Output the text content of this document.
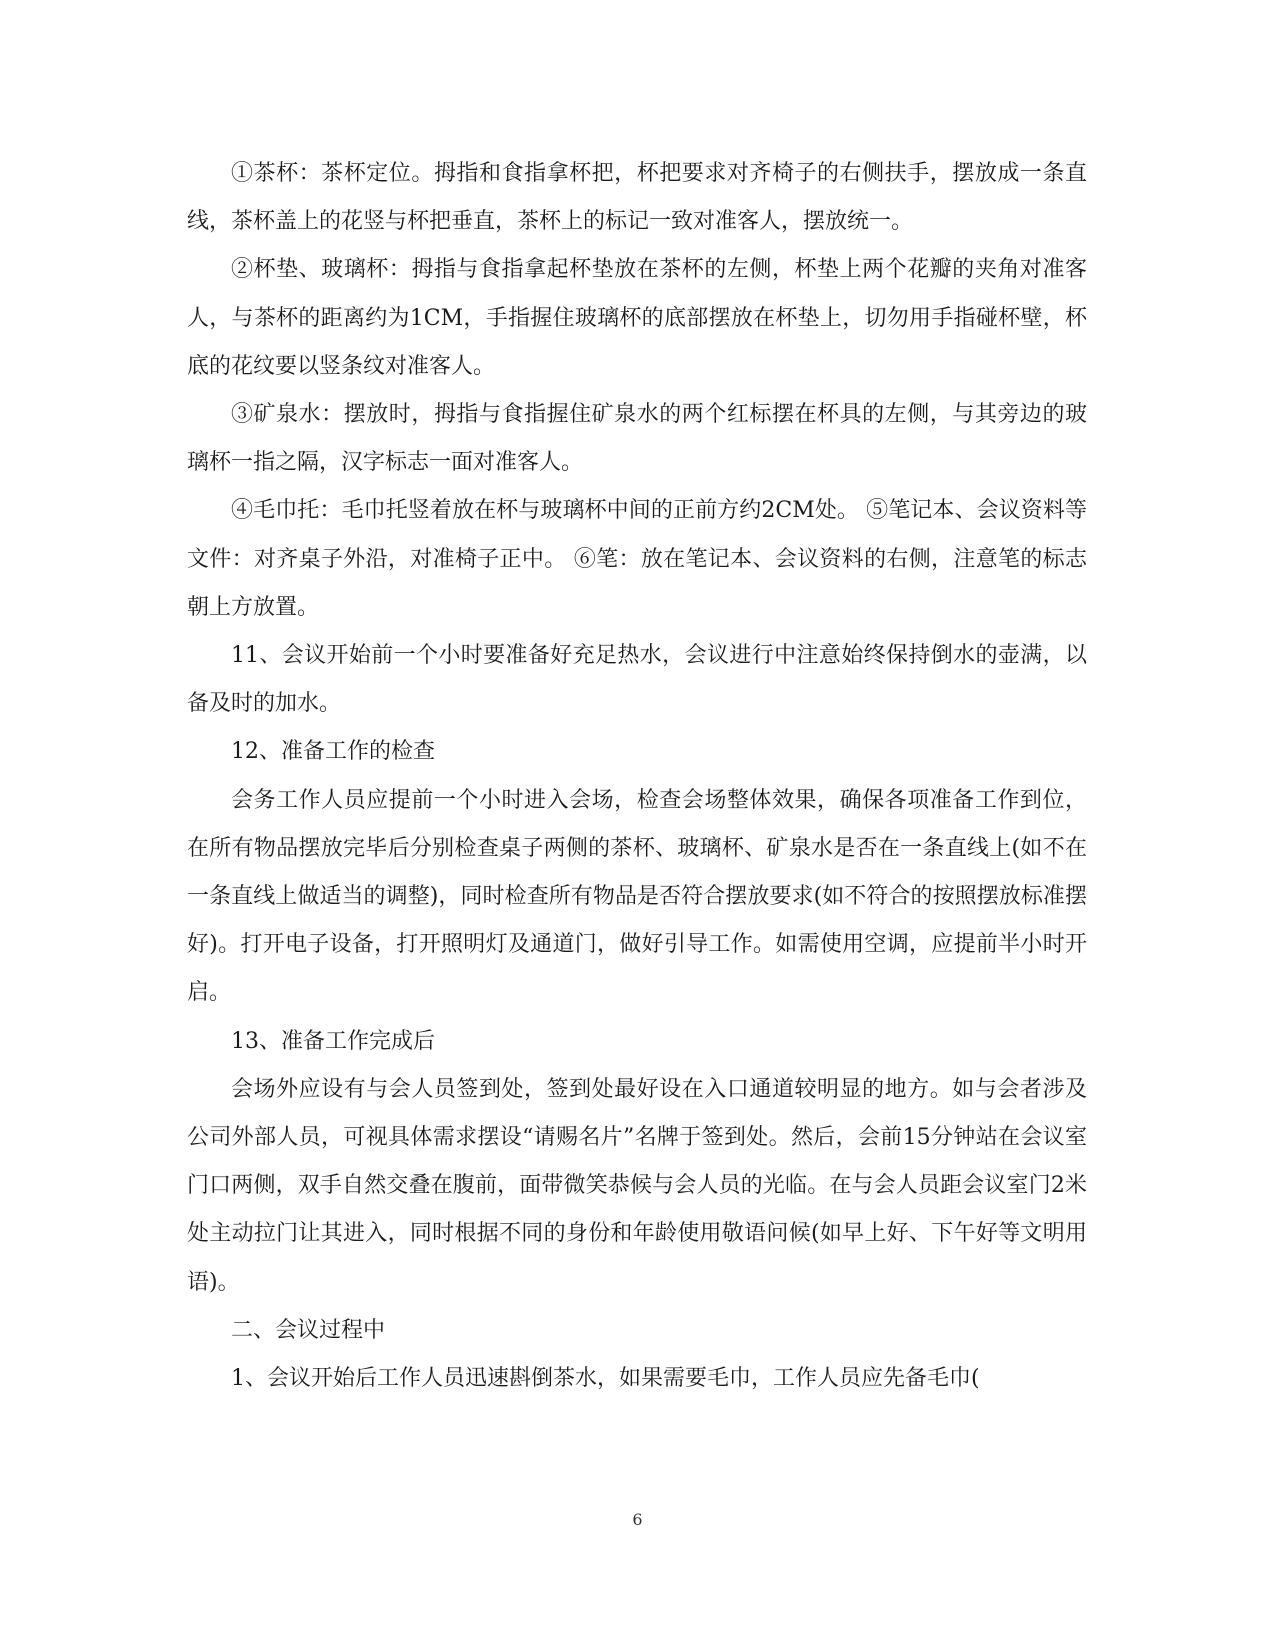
①茶杯：茶杯定位。拇指和食指拿杯把，杯把要求对齐椅子的右侧扶手，摆放成一条直线，茶杯盖上的花竖与杯把垂直，茶杯上的标记一致对准客人，摆放统一。

②杯垫、玻璃杯：拇指与食指拿起杯垫放在茶杯的左侧，杯垫上两个花瓣的夹角对准客人，与茶杯的距离约为1CM，手指握住玻璃杯的底部摆放在杯垫上，切勿用手指碰杯壁，杯底的花纹要以竖条纹对准客人。

③矿泉水：摆放时，拇指与食指握住矿泉水的两个红标摆在杯具的左侧，与其旁边的玻璃杯一指之隔，汉字标志一面对准客人。

④毛巾托：毛巾托竖着放在杯与玻璃杯中间的正前方约2CM处。 ⑤笔记本、会议资料等文件：对齐桌子外沿，对准椅子正中。 ⑥笔：放在笔记本、会议资料的右侧，注意笔的标志朝上方放置。

11、会议开始前一个小时要准备好充足热水，会议进行中注意始终保持倒水的壶满，以备及时的加水。

12、准备工作的检查

会务工作人员应提前一个小时进入会场，检查会场整体效果，确保各项准备工作到位，在所有物品摆放完毕后分别检查桌子两侧的茶杯、玻璃杯、矿泉水是否在一条直线上(如不在一条直线上做适当的调整)，同时检查所有物品是否符合摆放要求(如不符合的按照摆放标准摆好)。打开电子设备，打开照明灯及通道门，做好引导工作。如需使用空调，应提前半小时开启。

13、准备工作完成后

会场外应设有与会人员签到处，签到处最好设在入口通道较明显的地方。如与会者涉及公司外部人员，可视具体需求摆设“请赐名片”名牌于签到处。然后，会前15分钟站在会议室门口两侧，双手自然交叠在腹前，面带微笑恭候与会人员的光临。在与会人员距会议室门2米处主动拉门让其进入，同时根据不同的身份和年龄使用敬语问候(如早上好、下午好等文明用语)。

二、会议过程中

1、会议开始后工作人员迅速斟倒茶水，如果需要毛巾，工作人员应先备毛巾(

6
